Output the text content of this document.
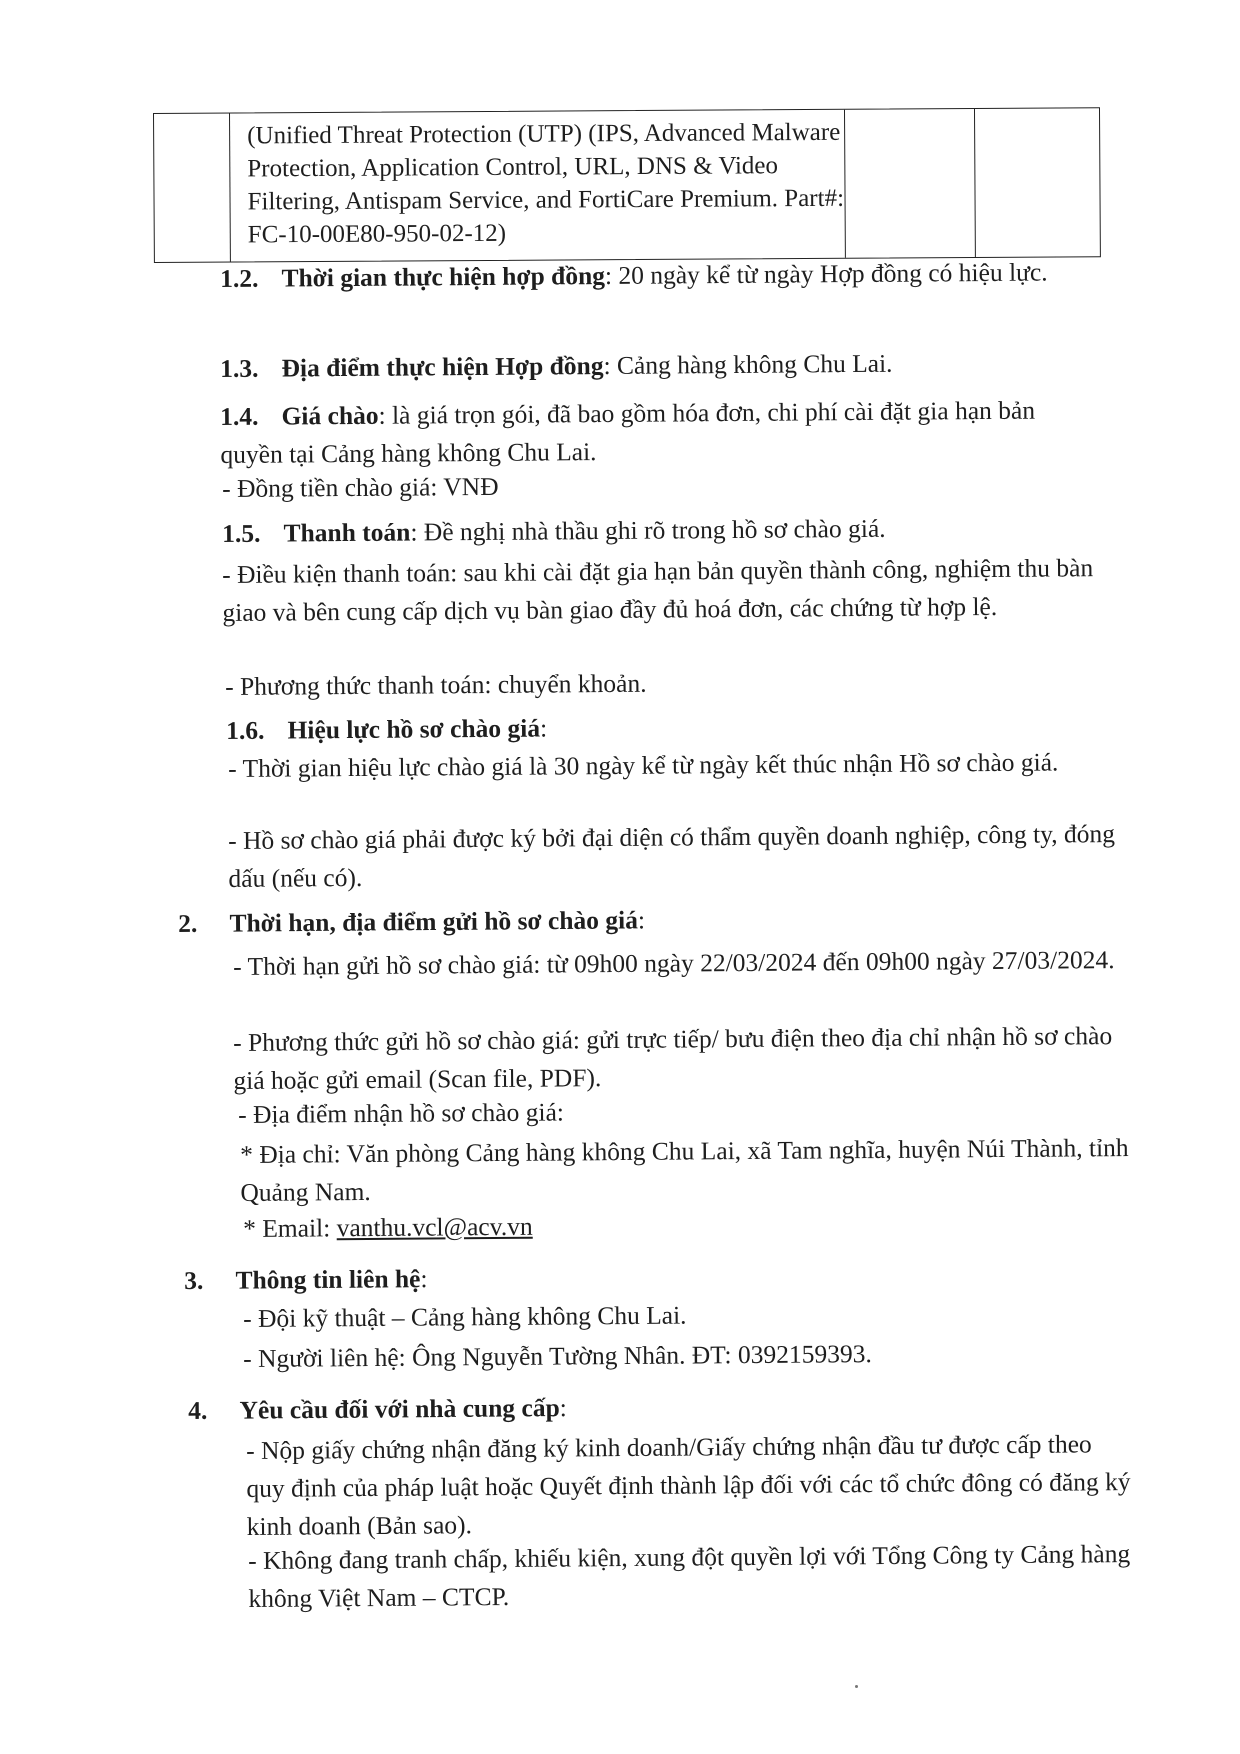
(Unified Threat Protection (UTP) (IPS, Advanced Malware Protection, Application Control, URL, DNS & Video Filtering, Antispam Service, and FortiCare Premium. Part#: FC-10-00E80-950-02-12)
1.2. Thời gian thực hiện hợp đồng: 20 ngày kể từ ngày Hợp đồng có hiệu lực.
1.3. Địa điểm thực hiện Hợp đồng: Cảng hàng không Chu Lai.
1.4. Giá chào: là giá trọn gói, đã bao gồm hóa đơn, chi phí cài đặt gia hạn bản quyền tại Cảng hàng không Chu Lai.
- Đồng tiền chào giá: VNĐ
1.5. Thanh toán: Đề nghị nhà thầu ghi rõ trong hồ sơ chào giá.
- Điều kiện thanh toán: sau khi cài đặt gia hạn bản quyền thành công, nghiệm thu bàn giao và bên cung cấp dịch vụ bàn giao đầy đủ hoá đơn, các chứng từ hợp lệ.
- Phương thức thanh toán: chuyển khoản.
1.6. Hiệu lực hồ sơ chào giá:
- Thời gian hiệu lực chào giá là 30 ngày kể từ ngày kết thúc nhận Hồ sơ chào giá.
- Hồ sơ chào giá phải được ký bởi đại diện có thẩm quyền doanh nghiệp, công ty, đóng dấu (nếu có).
2. Thời hạn, địa điểm gửi hồ sơ chào giá:
- Thời hạn gửi hồ sơ chào giá: từ 09h00 ngày 22/03/2024 đến 09h00 ngày 27/03/2024.
- Phương thức gửi hồ sơ chào giá: gửi trực tiếp/ bưu điện theo địa chỉ nhận hồ sơ chào giá hoặc gửi email (Scan file, PDF).
- Địa điểm nhận hồ sơ chào giá:
* Địa chỉ: Văn phòng Cảng hàng không Chu Lai, xã Tam nghĩa, huyện Núi Thành, tỉnh Quảng Nam.
* Email: vanthu.vcl@acv.vn
3. Thông tin liên hệ:
- Đội kỹ thuật – Cảng hàng không Chu Lai.
- Người liên hệ: Ông Nguyễn Tường Nhân. ĐT: 0392159393.
4. Yêu cầu đối với nhà cung cấp:
- Nộp giấy chứng nhận đăng ký kinh doanh/Giấy chứng nhận đầu tư được cấp theo quy định của pháp luật hoặc Quyết định thành lập đối với các tổ chức đông có đăng ký kinh doanh (Bản sao).
- Không đang tranh chấp, khiếu kiện, xung đột quyền lợi với Tổng Công ty Cảng hàng không Việt Nam – CTCP.
